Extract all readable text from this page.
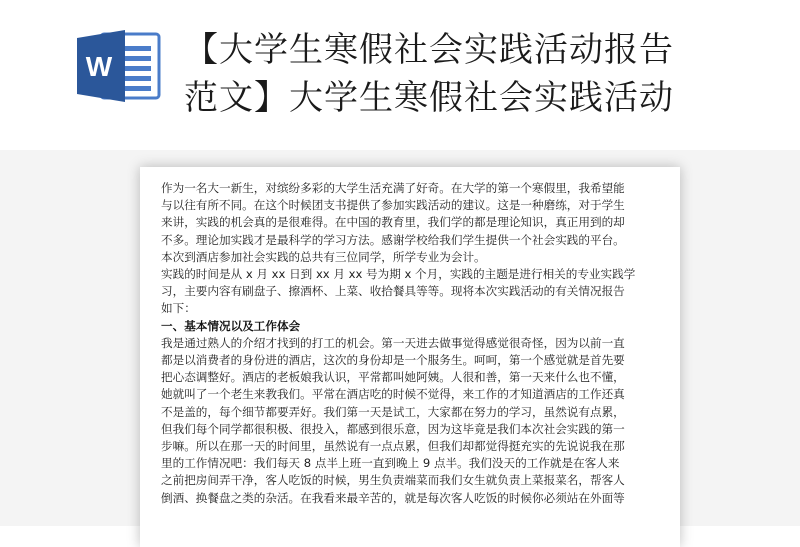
W 【大学生寒假社会实践活动报告
范文】大学生寒假社会实践活动
作为一名大一新生，对缤纷多彩的大学生活充满了好奇。在大学的第一个寒假里，我希望能
与以往有所不同。在这个时候团支书提供了参加实践活动的建议。这是一种磨练，对于学生
来讲，实践的机会真的是很难得。在中国的教育里，我们学的都是理论知识，真正用到的却
不多。理论加实践才是最科学的学习方法。感谢学校给我们学生提供一个社会实践的平台。
本次到酒店参加社会实践的总共有三位同学，所学专业为会计。
实践的时间是从 x 月 xx 日到 xx 月 xx 号为期 x 个月，实践的主题是进行相关的专业实践学
习，主要内容有刷盘子、擦酒杯、上菜、收拾餐具等等。现将本次实践活动的有关情况报告
如下：
一、基本情况以及工作体会
我是通过熟人的介绍才找到的打工的机会。第一天进去做事觉得感觉很奇怪，因为以前一直
都是以消费者的身份进的酒店，这次的身份却是一个服务生。呵呵，第一个感觉就是首先要
把心态调整好。酒店的老板娘我认识，平常都叫她阿姨。人很和善，第一天来什么也不懂，
她就叫了一个老生来教我们。平常在酒店吃的时候不觉得，来工作的才知道酒店的工作还真
不是盖的，每个细节都要弄好。我们第一天是试工，大家都在努力的学习，虽然说有点累，
但我们每个同学都很积极、很投入，都感到很乐意，因为这毕竟是我们本次社会实践的第一
步嘛。所以在那一天的时间里，虽然说有一点点累，但我们却都觉得挺充实的先说说我在那
里的工作情况吧：我们每天 8 点半上班一直到晚上 9 点半。我们没天的工作就是在客人来
之前把房间弄干净，客人吃饭的时候，男生负责端菜而我们女生就负责上菜报菜名，帮客人
倒酒、换餐盘之类的杂活。在我看来最辛苦的，就是每次客人吃饭的时候你必须站在外面等
